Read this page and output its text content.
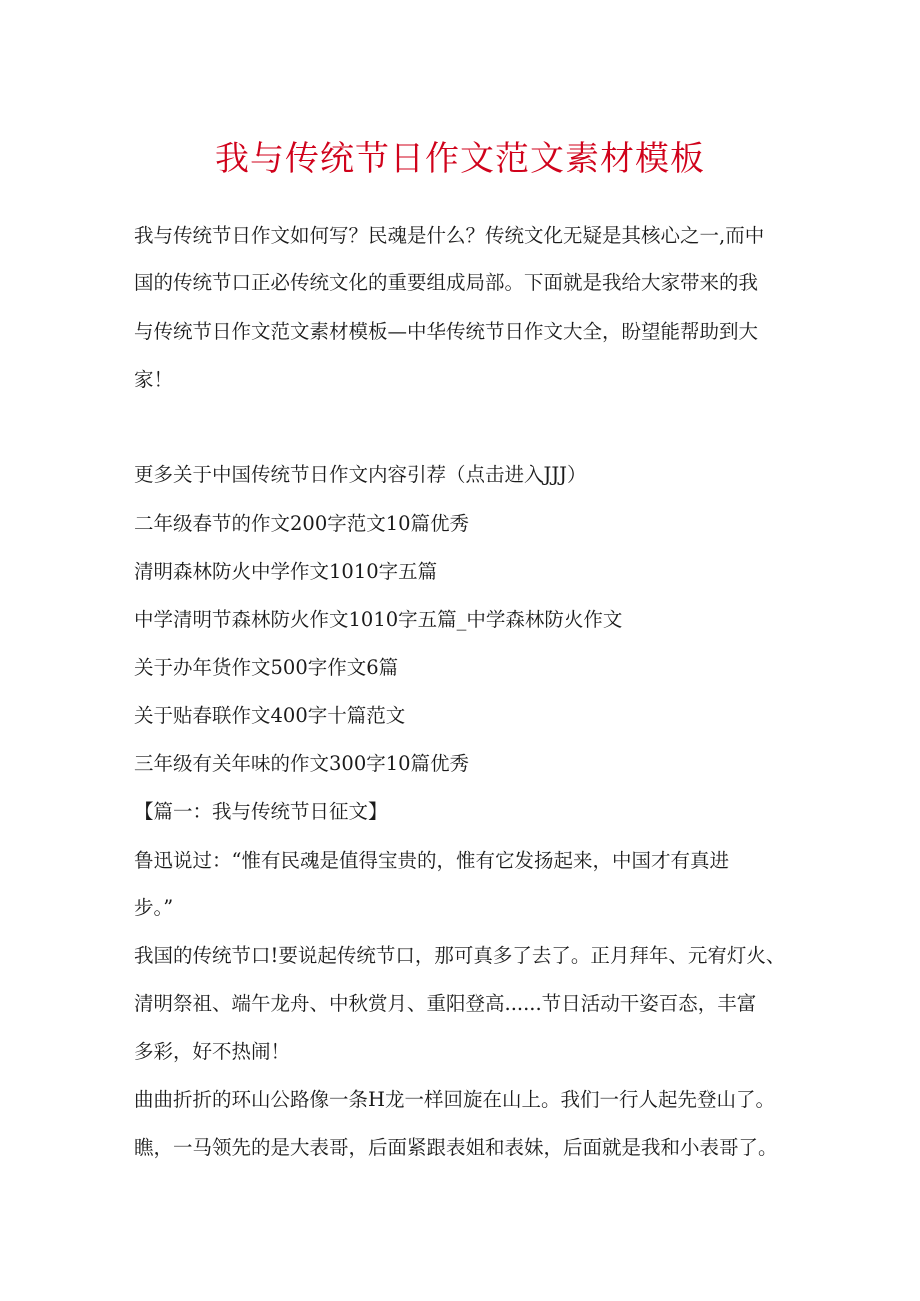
我与传统节日作文范文素材模板
我与传统节日作文如何写？民魂是什么？传统文化无疑是其核心之一,而中
国的传统节口正必传统文化的重要组成局部。下面就是我给大家带来的我
与传统节日作文范文素材模板—中华传统节日作文大全，盼望能帮助到大
家！
更多关于中国传统节日作文内容引荐（点击进入JJJ）
二年级春节的作文200字范文10篇优秀
清明森林防火中学作文1010字五篇
中学清明节森林防火作文1010字五篇_中学森林防火作文
关于办年货作文500字作文6篇
关于贴春联作文400字十篇范文
三年级有关年味的作文300字10篇优秀
【篇一：我与传统节日征文】
鲁迅说过：“惟有民魂是值得宝贵的，惟有它发扬起来，中国才有真进
步。”
我国的传统节口!要说起传统节口，那可真多了去了。正月拜年、元宥灯火、
清明祭祖、端午龙舟、中秋赏月、重阳登高......节日活动干姿百态，丰富
多彩，好不热闹！
曲曲折折的环山公路像一条H龙一样回旋在山上。我们一行人起先登山了。
瞧，一马领先的是大表哥，后面紧跟表姐和表妹，后面就是我和小表哥了。
